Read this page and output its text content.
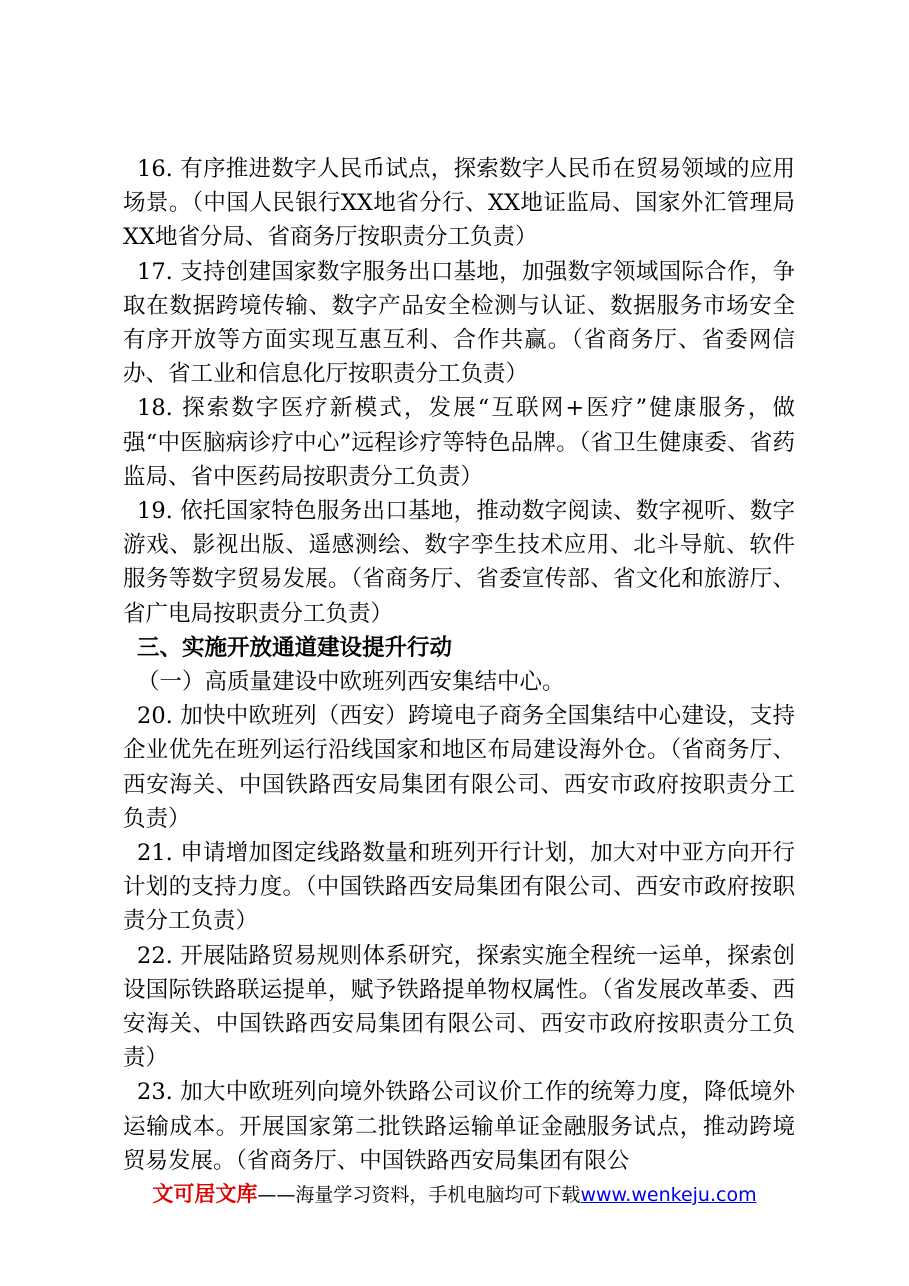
16. 有序推进数字人民币试点，探索数字人民币在贸易领域的应用场景。（中国人民银行XX地省分行、XX地证监局、国家外汇管理局XX地省分局、省商务厅按职责分工负责）

17. 支持创建国家数字服务出口基地，加强数字领域国际合作，争取在数据跨境传输、数字产品安全检测与认证、数据服务市场安全有序开放等方面实现互惠互利、合作共赢。（省商务厅、省委网信办、省工业和信息化厅按职责分工负责）

18. 探索数字医疗新模式，发展“互联网+医疗”健康服务，做强“中医脑病诊疗中心”远程诊疗等特色品牌。（省卫生健康委、省药监局、省中医药局按职责分工负责）

19. 依托国家特色服务出口基地，推动数字阅读、数字视听、数字游戏、影视出版、遥感测绘、数字孪生技术应用、北斗导航、软件服务等数字贸易发展。（省商务厅、省委宣传部、省文化和旅游厅、省广电局按职责分工负责）

三、实施开放通道建设提升行动

（一）高质量建设中欧班列西安集结中心。

20. 加快中欧班列（西安）跨境电子商务全国集结中心建设，支持企业优先在班列运行沿线国家和地区布局建设海外仓。（省商务厅、西安海关、中国铁路西安局集团有限公司、西安市政府按职责分工负责）

21. 申请增加图定线路数量和班列开行计划，加大对中亚方向开行计划的支持力度。（中国铁路西安局集团有限公司、西安市政府按职责分工负责）

22. 开展陆路贸易规则体系研究，探索实施全程统一运单，探索创设国际铁路联运提单，赋予铁路提单物权属性。（省发展改革委、西安海关、中国铁路西安局集团有限公司、西安市政府按职责分工负责）

23. 加大中欧班列向境外铁路公司议价工作的统筹力度，降低境外运输成本。开展国家第二批铁路运输单证金融服务试点，推动跨境贸易发展。（省商务厅、中国铁路西安局集团有限公

文可居文库——海量学习资料，手机电脑均可下载www.wenkeju.com
